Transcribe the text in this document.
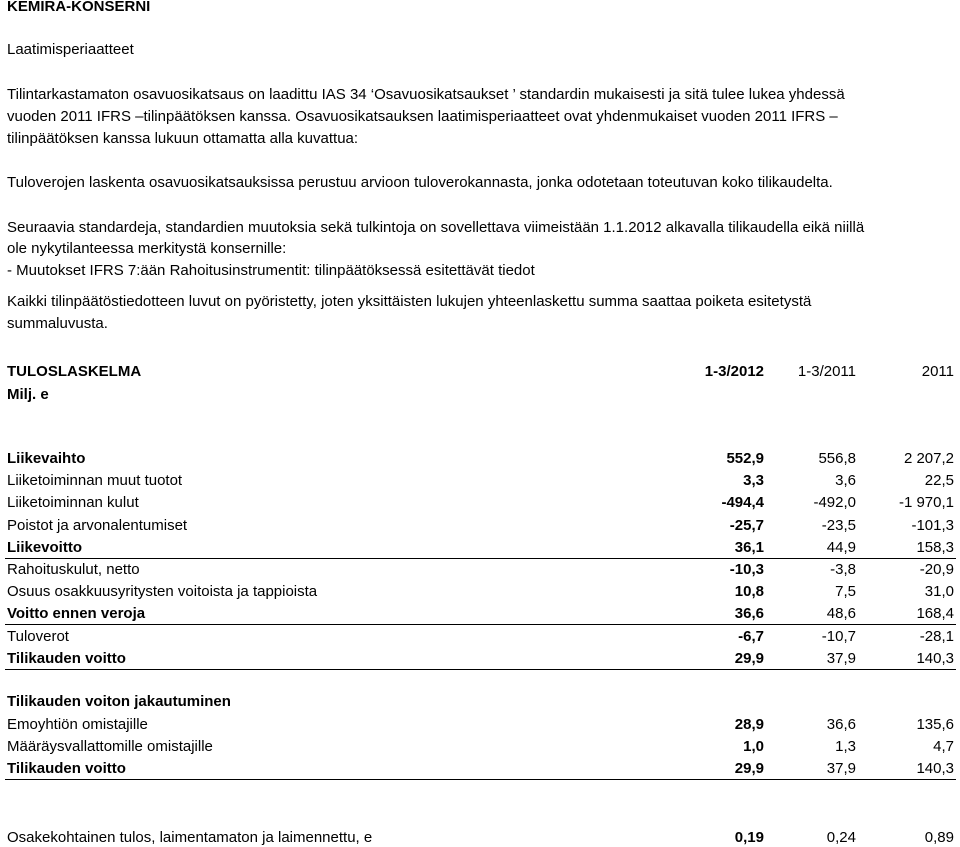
KEMIRA-KONSERNI
Laatimisperiaatteet
Tilintarkastamaton osavuosikatsaus on laadittu IAS 34 ‘Osavuosikatsaukset ’ standardin mukaisesti ja sitä tulee lukea yhdessä
vuoden 2011 IFRS –tilinpäätöksen kanssa. Osavuosikatsauksen laatimisperiaatteet ovat yhdenmukaiset vuoden 2011 IFRS –
tilinpäätöksen kanssa lukuun ottamatta alla kuvattua:
Tuloverojen laskenta osavuosikatsauksissa perustuu arvioon tuloverokannasta, jonka odotetaan toteutuvan koko tilikaudelta.
Seuraavia standardeja, standardien muutoksia sekä tulkintoja on sovellettava viimeistään 1.1.2012 alkavalla tilikaudella eikä niillä
ole nykytilanteessa merkitystä konsernille:
- Muutokset IFRS 7:ään Rahoitusinstrumentit: tilinpäätöksessä esitettävät tiedot
Kaikki tilinpäätöstiedotteen luvut on pyöristetty, joten yksittäisten lukujen yhteenlaskettu summa saattaa poiketa esitetystä
summaluvusta.
TULOSLASKELMA
Milj. e
1-3/2012 1-3/2011	2011
Liikevaihto	552,9	556,8	2 207,2
Liiketoiminnan muut tuotot	3,3	3,6	22,5
Liiketoiminnan kulut	-494,4	-492,0	-1 970,1
Poistot ja arvonalentumiset	-25,7	-23,5	-101,3
Liikevoitto	36,1	44,9	158,3
Rahoituskulut, netto	-10,3	-3,8	-20,9
Osuus osakkuusyritysten voitoista ja tappioista	10,8	7,5	31,0
Voitto ennen veroja	36,6	48,6	168,4
Tuloverot	-6,7	-10,7	-28,1
Tilikauden voitto	29,9	37,9	140,3
Tilikauden voiton jakautuminen
Emoyhtiön omistajille	28,9	36,6	135,6
Määräysvallattomille omistajille	1,0	1,3	4,7
Tilikauden voitto	29,9	37,9	140,3
Osakekohtainen tulos, laimentamaton ja laimennettu, e	0,19	0,24	0,89
